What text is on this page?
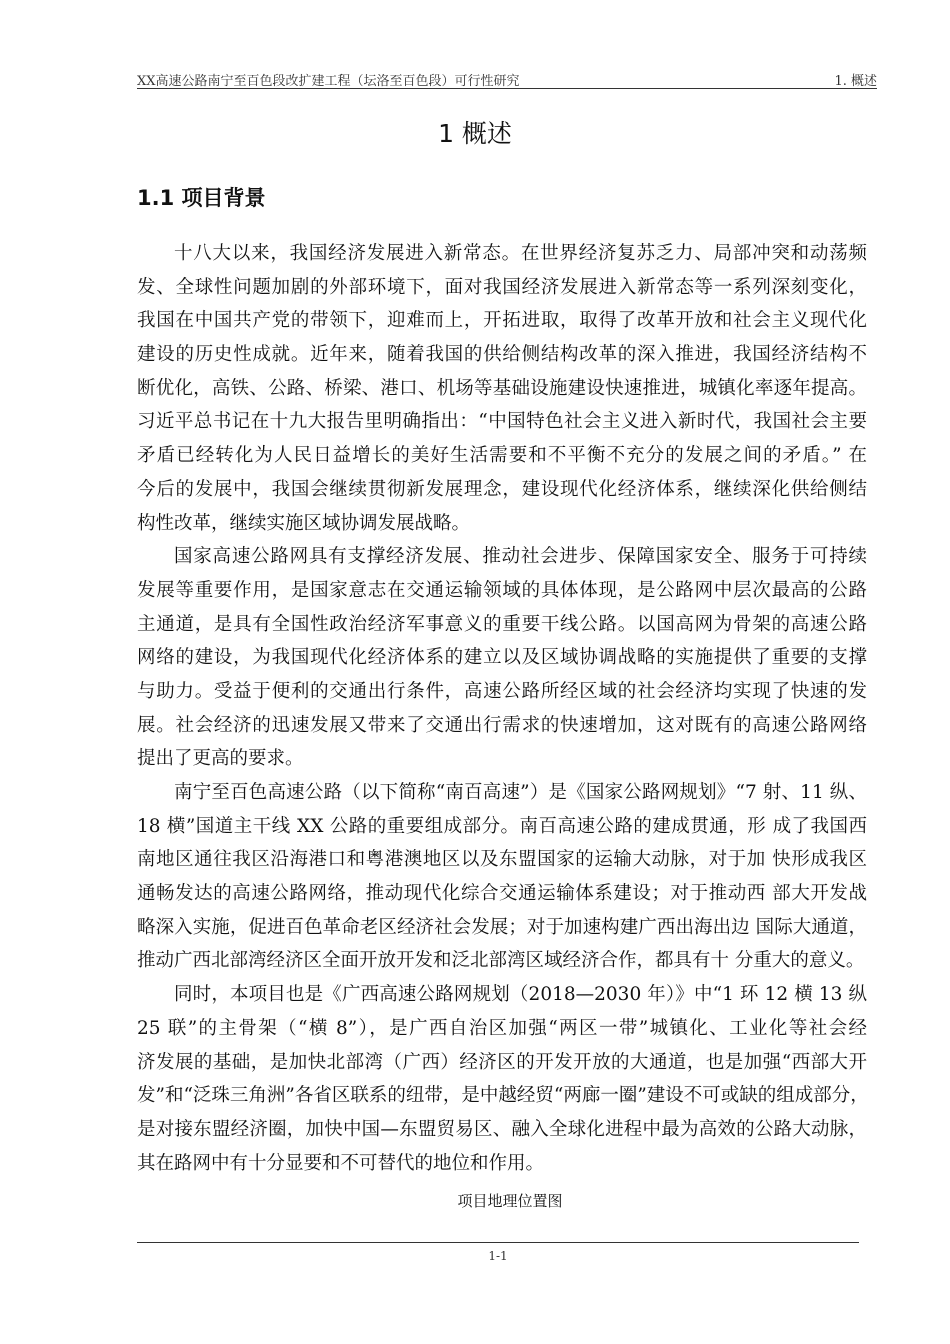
XX高速公路南宁至百色段改扩建工程（坛洛至百色段）可行性研究	1. 概述
1 概述
1.1 项目背景
十八大以来，我国经济发展进入新常态。在世界经济复苏乏力、局部冲突和动荡频
发、全球性问题加剧的外部环境下，面对我国经济发展进入新常态等一系列深刻变化，
我国在中国共产党的带领下，迎难而上，开拓进取，取得了改革开放和社会主义现代化
建设的历史性成就。近年来，随着我国的供给侧结构改革的深入推进，我国经济结构不
断优化，高铁、公路、桥梁、港口、机场等基础设施建设快速推进，城镇化率逐年提高。
习近平总书记在十九大报告里明确指出：“中国特色社会主义进入新时代，我国社会主要
矛盾已经转化为人民日益增长的美好生活需要和不平衡不充分的发展之间的矛盾。” 在
今后的发展中，我国会继续贯彻新发展理念，建设现代化经济体系，继续深化供给侧结
构性改革，继续实施区域协调发展战略。
国家高速公路网具有支撑经济发展、推动社会进步、保障国家安全、服务于可持续
发展等重要作用，是国家意志在交通运输领域的具体体现，是公路网中层次最高的公路
主通道，是具有全国性政治经济军事意义的重要干线公路。以国高网为骨架的高速公路
网络的建设，为我国现代化经济体系的建立以及区域协调战略的实施提供了重要的支撑
与助力。受益于便利的交通出行条件，高速公路所经区域的社会经济均实现了快速的发
展。社会经济的迅速发展又带来了交通出行需求的快速增加，这对既有的高速公路网络
提出了更高的要求。
南宁至百色高速公路（以下简称“南百高速”）是《国家公路网规划》“7 射、11 纵、
18 横”国道主干线 XX 公路的重要组成部分。南百高速公路的建成贯通，形 成了我国西
南地区通往我区沿海港口和粤港澳地区以及东盟国家的运输大动脉，对于加 快形成我区
通畅发达的高速公路网络，推动现代化综合交通运输体系建设；对于推动西 部大开发战
略深入实施，促进百色革命老区经济社会发展；对于加速构建广西出海出边 国际大通道，
推动广西北部湾经济区全面开放开发和泛北部湾区域经济合作，都具有十 分重大的意义。
同时，本项目也是《广西高速公路网规划（2018—2030 年）》中“1 环 12 横 13 纵
25 联”的主骨架（“横 8”），是广西自治区加强“两区一带”城镇化、工业化等社会经
济发展的基础，是加快北部湾（广西）经济区的开发开放的大通道，也是加强“西部大开
发”和“泛珠三角洲”各省区联系的纽带，是中越经贸“两廊一圈”建设不可或缺的组成部分，
是对接东盟经济圈，加快中国—东盟贸易区、融入全球化进程中最为高效的公路大动脉，
其在路网中有十分显要和不可替代的地位和作用。
项目地理位置图
1-1
